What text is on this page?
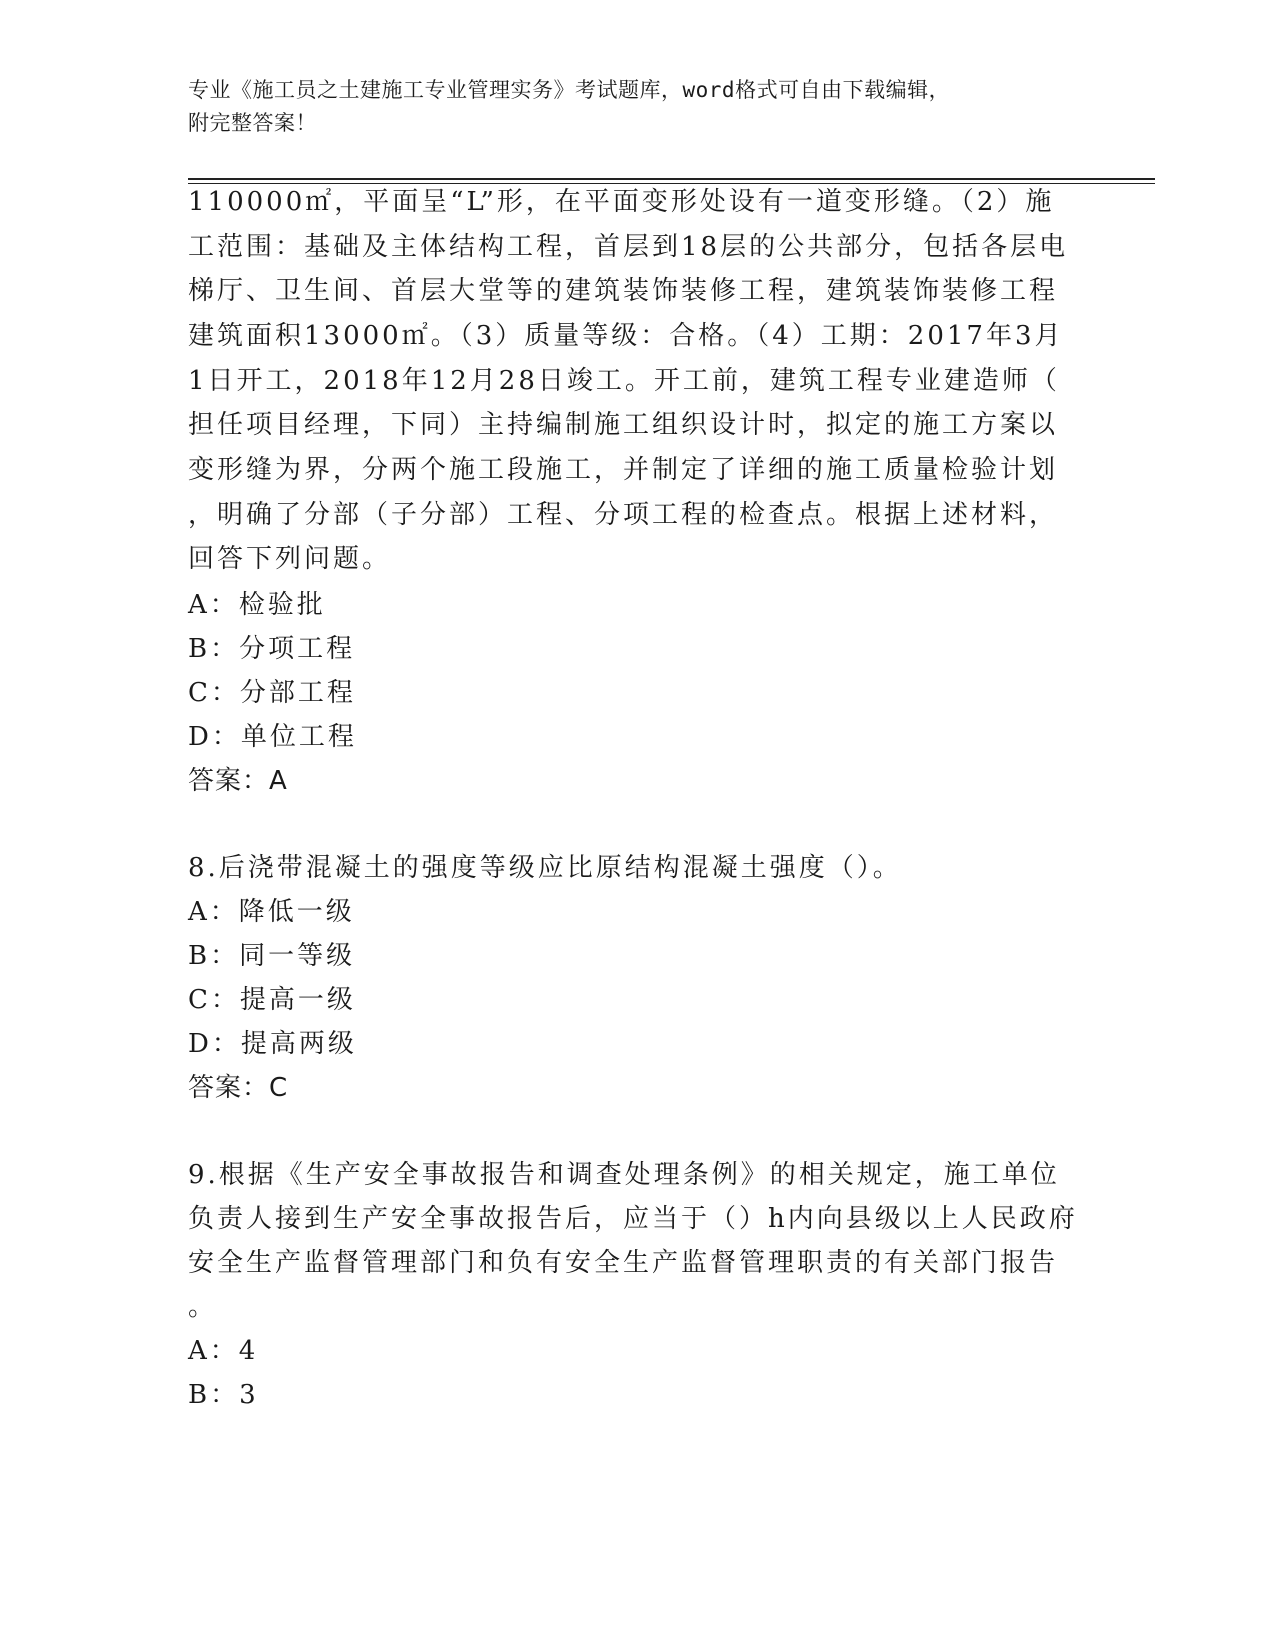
专业《施工员之土建施工专业管理实务》考试题库，word格式可自由下载编辑，
附完整答案！
110000㎡，平面呈“L”形，在平面变形处设有一道变形缝。（2）施
工范围：基础及主体结构工程，首层到18层的公共部分，包括各层电
梯厅、卫生间、首层大堂等的建筑装饰装修工程，建筑装饰装修工程
建筑面积13000㎡。（3）质量等级：合格。（4）工期：2017年3月
1日开工，2018年12月28日竣工。开工前，建筑工程专业建造师（
担任项目经理，下同）主持编制施工组织设计时，拟定的施工方案以
变形缝为界，分两个施工段施工，并制定了详细的施工质量检验计划
，明确了分部（子分部）工程、分项工程的检查点。根据上述材料，
回答下列问题。
A：检验批
B：分项工程
C：分部工程
D：单位工程
答案：A
8.后浇带混凝土的强度等级应比原结构混凝土强度（）。
A：降低一级
B：同一等级
C：提高一级
D：提高两级
答案：C
9.根据《生产安全事故报告和调查处理条例》的相关规定，施工单位
负责人接到生产安全事故报告后，应当于（）h内向县级以上人民政府
安全生产监督管理部门和负有安全生产监督管理职责的有关部门报告
。
A：4
B：3
